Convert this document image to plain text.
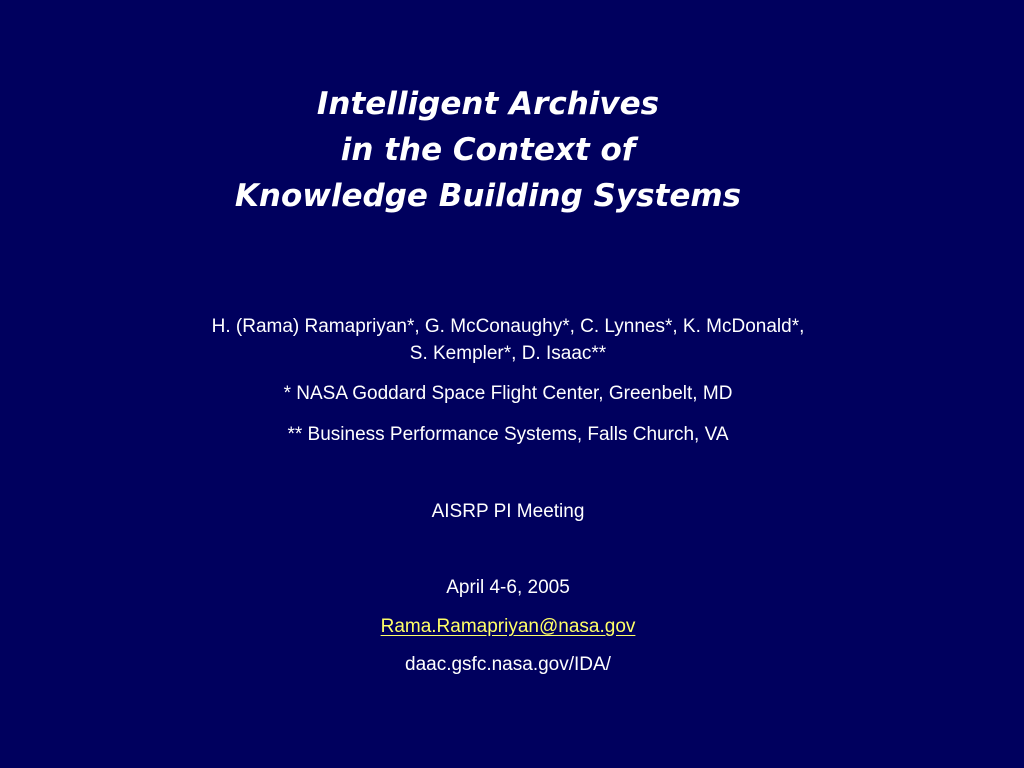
Intelligent Archives
in the Context of
Knowledge Building Systems
H. (Rama) Ramapriyan*, G. McConaughy*, C. Lynnes*, K. McDonald*,
S. Kempler*, D. Isaac**
* NASA Goddard Space Flight Center, Greenbelt, MD
** Business Performance Systems, Falls Church, VA
AISRP PI Meeting
April 4-6, 2005
Rama.Ramapriyan@nasa.gov
daac.gsfc.nasa.gov/IDA/
